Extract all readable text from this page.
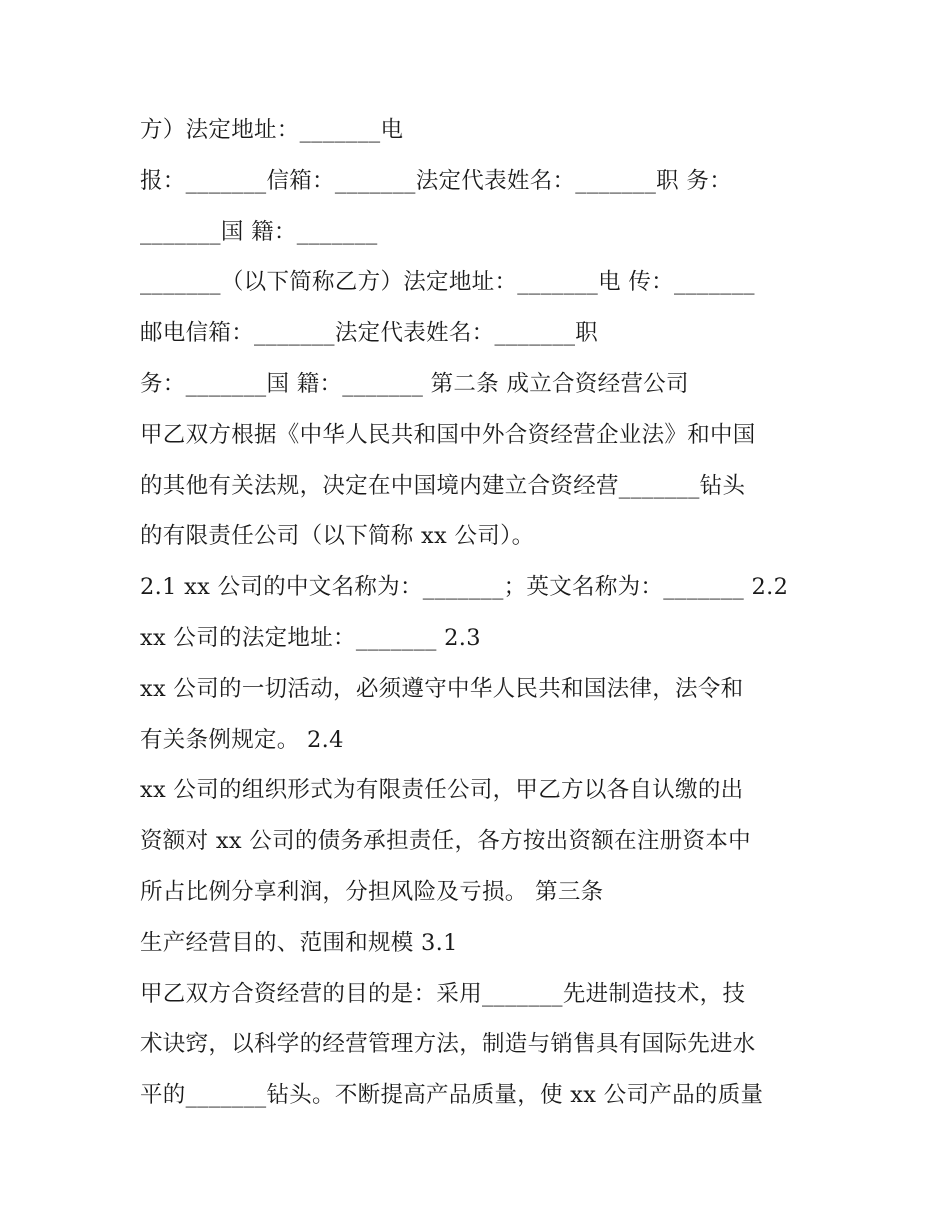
方）法定地址：_______电
报：_______信箱：_______法定代表姓名：_______职 务：
_______国 籍：_______
_______（以下简称乙方）法定地址：_______电 传：_______
邮电信箱：_______法定代表姓名：_______职
务：_______国 籍：_______ 第二条 成立合资经营公司
甲乙双方根据《中华人民共和国中外合资经营企业法》和中国
的其他有关法规，决定在中国境内建立合资经营_______钻头
的有限责任公司（以下简称 xx 公司）。
2.1 xx 公司的中文名称为：_______；英文名称为：_______ 2.2
xx 公司的法定地址：_______ 2.3
xx 公司的一切活动，必须遵守中华人民共和国法律，法令和
有关条例规定。 2.4
xx 公司的组织形式为有限责任公司，甲乙方以各自认缴的出
资额对 xx 公司的债务承担责任，各方按出资额在注册资本中
所占比例分享利润，分担风险及亏损。 第三条
生产经营目的、范围和规模 3.1
甲乙双方合资经营的目的是：采用_______先进制造技术，技
术诀窍，以科学的经营管理方法，制造与销售具有国际先进水
平的_______钻头。不断提高产品质量，使 xx 公司产品的质量
